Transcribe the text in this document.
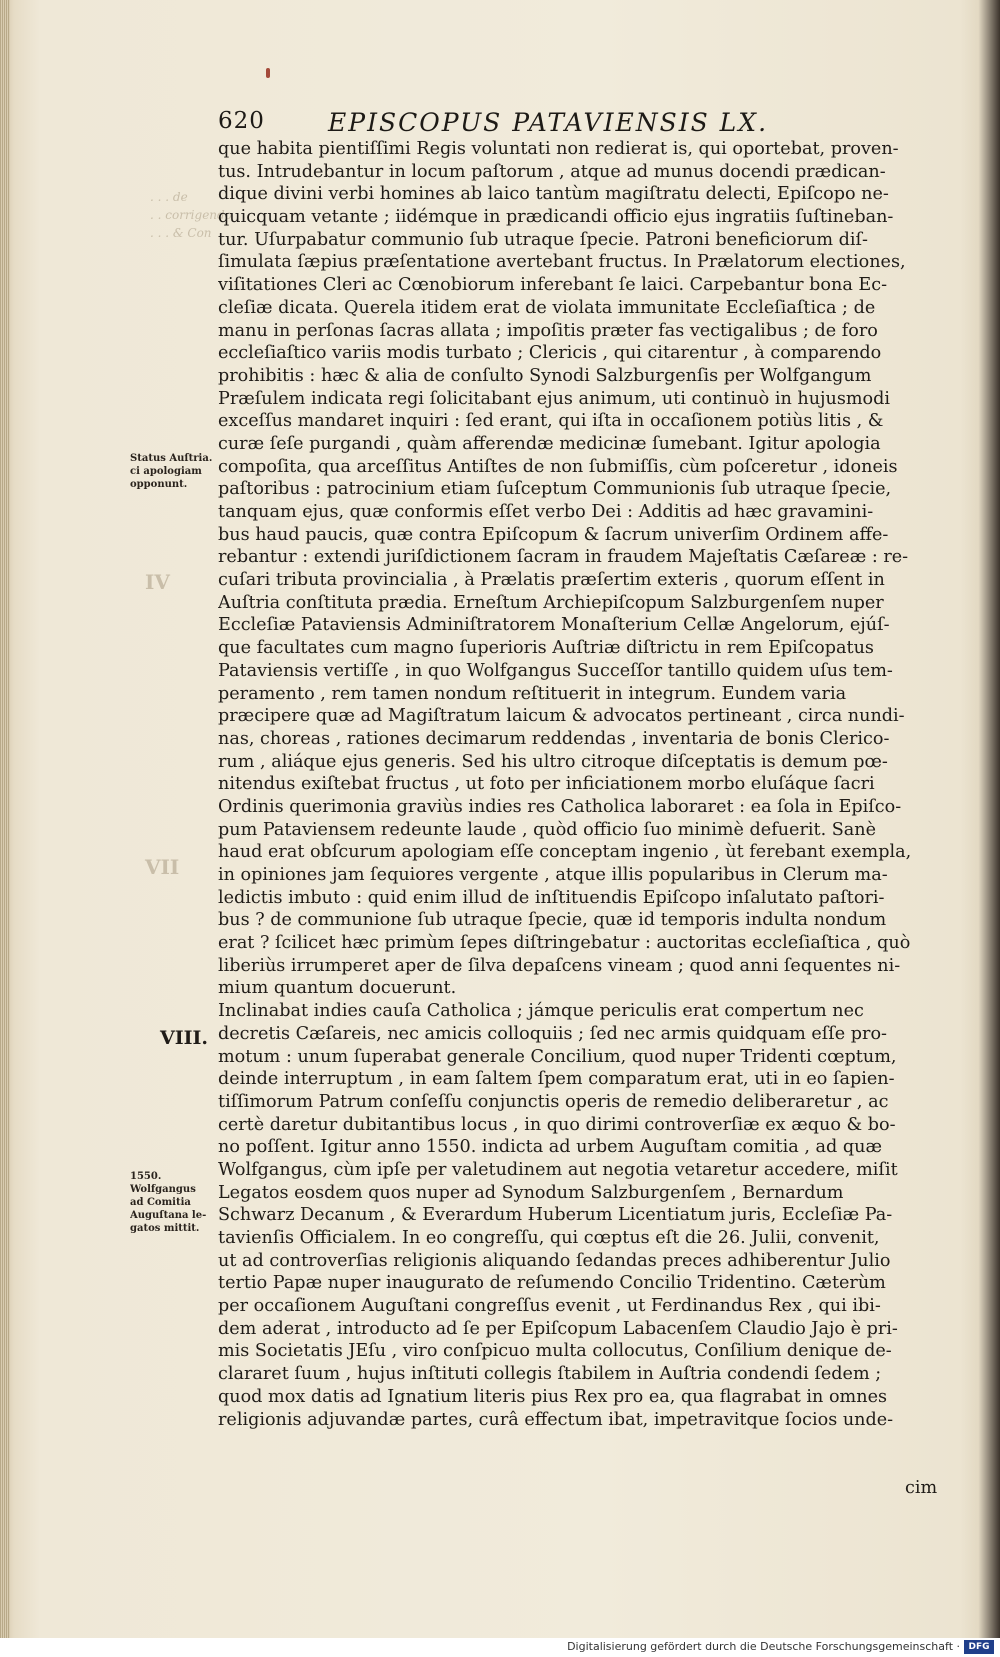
. . . de
. . corrigendo
. . . & Con
IV
VII
620	EPISCOPUS PATAVIENSIS LX.
Status Auſtria.
ci apologiam
opponunt.
VIII.
1550.
Wolfgangus
ad Comitia
Auguſtana le-
gatos mittit.
que habita pientiſſimi Regis voluntati non redierat is, qui oportebat, proven-
tus. Intrudebantur in locum paſtorum , atque ad munus docendi prædican-
dique divini verbi homines ab laico tantùm magiſtratu delecti, Epiſcopo ne-
quicquam vetante ; iidémque in prædicandi officio ejus ingratiis ſuſtineban-
tur. Uſurpabatur communio ſub utraque ſpecie. Patroni beneficiorum diſ-
ſimulata ſæpius præſentatione avertebant fructus. In Prælatorum electiones,
viſitationes Cleri ac Cœnobiorum inferebant ſe laici. Carpebantur bona Ec-
cleſiæ dicata. Querela itidem erat de violata immunitate Eccleſiaſtica ; de
manu in perſonas ſacras allata ; impoſitis præter fas vectigalibus ; de foro
eccleſiaſtico variis modis turbato ; Clericis , qui citarentur , à comparendo
prohibitis : hæc & alia de conſulto Synodi Salzburgenſis per Wolfgangum
Præſulem indicata regi ſolicitabant ejus animum, uti continuò in hujusmodi
exceſſus mandaret inquiri : ſed erant, qui iſta in occaſionem potiùs litis , &
curæ ſeſe purgandi , quàm afferendæ medicinæ ſumebant. Igitur apologia
compoſita, qua arceſſitus Antiſtes de non ſubmiſſis, cùm poſceretur , idoneis
paſtoribus : patrocinium etiam ſuſceptum Communionis ſub utraque ſpecie,
tanquam ejus, quæ conformis eſſet verbo Dei : Additis ad hæc gravamini-
bus haud paucis, quæ contra Epiſcopum & ſacrum univerſim Ordinem affe-
rebantur : extendi juriſdictionem ſacram in fraudem Majeſtatis Cæſareæ : re-
cuſari tributa provincialia , à Prælatis præſertim exteris , quorum eſſent in
Auſtria conſtituta prædia. Erneſtum Archiepiſcopum Salzburgenſem nuper
Eccleſiæ Pataviensis Adminiſtratorem Monaſterium Cellæ Angelorum, ejúſ-
que facultates cum magno ſuperioris Auſtriæ diſtrictu in rem Epiſcopatus
Pataviensis vertiſſe , in quo Wolfgangus Succeſſor tantillo quidem uſus tem-
peramento , rem tamen nondum reſtituerit in integrum. Eundem varia
præcipere quæ ad Magiſtratum laicum & advocatos pertineant , circa nundi-
nas, choreas , rationes decimarum reddendas , inventaria de bonis Clerico-
rum , aliáque ejus generis. Sed his ultro citroque diſceptatis is demum pœ-
nitendus exiſtebat fructus , ut foto per inficiationem morbo eluſáque ſacri
Ordinis querimonia graviùs indies res Catholica laboraret : ea ſola in Epiſco-
pum Pataviensem redeunte laude , quòd officio ſuo minimè defuerit. Sanè
haud erat obſcurum apologiam eſſe conceptam ingenio , ùt ferebant exempla,
in opiniones jam ſequiores vergente , atque illis popularibus in Clerum ma-
ledictis imbuto : quid enim illud de inſtituendis Epiſcopo inſalutato paſtori-
bus ? de communione ſub utraque ſpecie, quæ id temporis indulta nondum
erat ? ſcilicet hæc primùm ſepes diſtringebatur : auctoritas eccleſiaſtica , quò
liberiùs irrumperet aper de ſilva depaſcens vineam ; quod anni ſequentes ni-
mium quantum docuerunt.
Inclinabat indies cauſa Catholica ; jámque periculis erat compertum nec
decretis Cæſareis, nec amicis colloquiis ; ſed nec armis quidquam eſſe pro-
motum : unum ſuperabat generale Concilium, quod nuper Tridenti cœptum,
deinde interruptum , in eam ſaltem ſpem comparatum erat, uti in eo ſapien-
tiſſimorum Patrum conſeſſu conjunctis operis de remedio deliberaretur , ac
certè daretur dubitantibus locus , in quo dirimi controverſiæ ex æquo & bo-
no poſſent. Igitur anno 1550. indicta ad urbem Auguſtam comitia , ad quæ
Wolfgangus, cùm ipſe per valetudinem aut negotia vetaretur accedere, miſit
Legatos eosdem quos nuper ad Synodum Salzburgenſem , Bernardum
Schwarz Decanum , & Everardum Huberum Licentiatum juris, Eccleſiæ Pa-
tavienſis Officialem. In eo congreſſu, qui cœptus eſt die 26. Julii, convenit,
ut ad controverſias religionis aliquando ſedandas preces adhiberentur Julio
tertio Papæ nuper inaugurato de reſumendo Concilio Tridentino. Cæterùm
per occaſionem Auguſtani congreſſus evenit , ut Ferdinandus Rex , qui ibi-
dem aderat , introducto ad ſe per Epiſcopum Labacenſem Claudio Jajo è pri-
mis Societatis JEſu , viro conſpicuo multa collocutus, Conſilium denique de-
clararet ſuum , hujus inſtituti collegis ſtabilem in Auſtria condendi ſedem ;
quod mox datis ad Ignatium literis pius Rex pro ea, qua flagrabat in omnes
religionis adjuvandæ partes, curâ effectum ibat, impetravitque ſocios unde-
cim
Digitalisierung gefördert durch die Deutsche Forschungsgemeinschaft · DFG
